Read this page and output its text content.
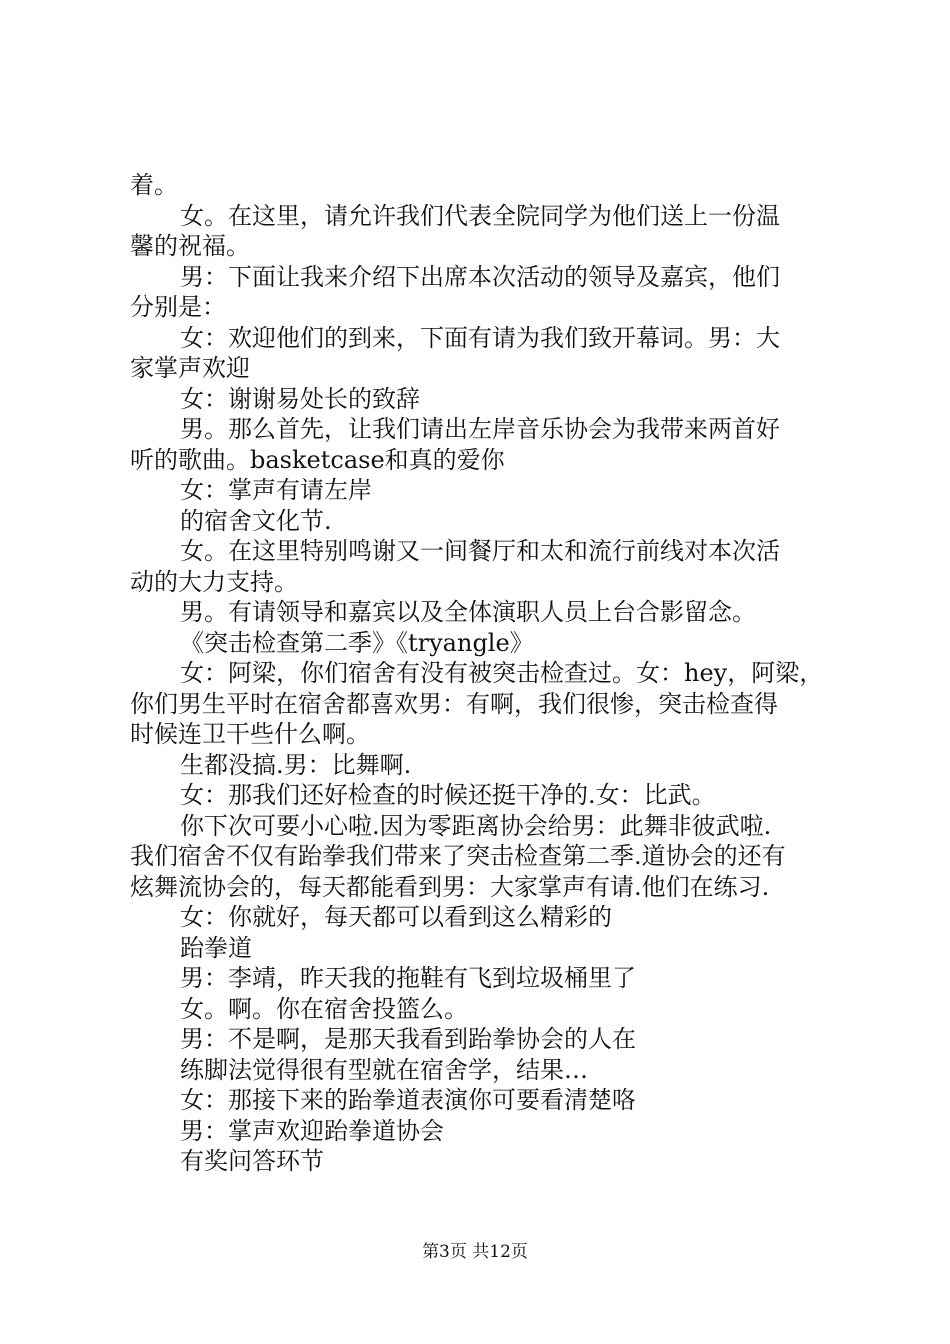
着。
女。在这里，请允许我们代表全院同学为他们送上一份温
馨的祝福。
男：下面让我来介绍下出席本次活动的领导及嘉宾，他们
分别是：
女：欢迎他们的到来，下面有请为我们致开幕词。男：大
家掌声欢迎
女：谢谢易处长的致辞
男。那么首先，让我们请出左岸音乐协会为我带来两首好
听的歌曲。basketcase和真的爱你
女：掌声有请左岸
的宿舍文化节.
女。在这里特别鸣谢又一间餐厅和太和流行前线对本次活
动的大力支持。
男。有请领导和嘉宾以及全体演职人员上台合影留念。
《突击检查第二季》《tryangle》
女：阿梁，你们宿舍有没有被突击检查过。女：hey，阿梁，
你们男生平时在宿舍都喜欢男：有啊，我们很惨，突击检查得
时候连卫干些什么啊。
生都没搞.男：比舞啊.
女：那我们还好检查的时候还挺干净的.女：比武。
你下次可要小心啦.因为零距离协会给男：此舞非彼武啦.
我们宿舍不仅有跆拳我们带来了突击检查第二季.道协会的还有
炫舞流协会的，每天都能看到男：大家掌声有请.他们在练习.
女：你就好，每天都可以看到这么精彩的
跆拳道
男：李靖，昨天我的拖鞋有飞到垃圾桶里了
女。啊。你在宿舍投篮么。
男：不是啊，是那天我看到跆拳协会的人在
练脚法觉得很有型就在宿舍学，结果…
女：那接下来的跆拳道表演你可要看清楚咯
男：掌声欢迎跆拳道协会
有奖问答环节
第3页 共12页
